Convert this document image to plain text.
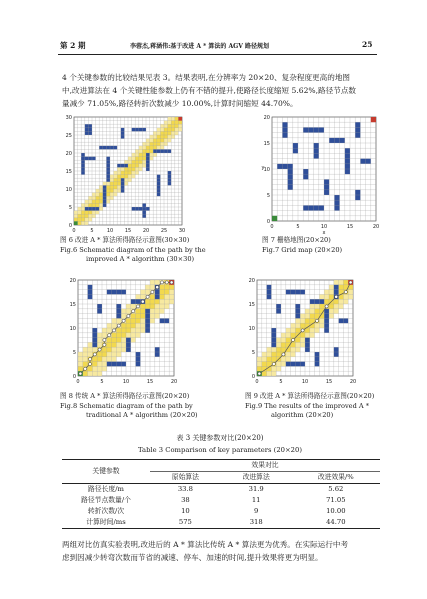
第 2 期	李蓉杰,蒋涵伟:基于改进 A * 算法的 AGV 路径规划	25
4 个关键参数的比较结果见表 3。结果表明,在分辨率为 20×20、复杂程度更高的地图
中,改进算法在 4 个关键性能参数上仍有不错的提升,使路径长度缩短 5.62%,路径节点数
量减少 71.05%,路径转折次数减少 10.00%,计算时间缩短 44.70%。
0	5	10 15 20 25 30
0
5
10
15
20
25
30
图 6 改进 A * 算法所得路径示意图(30×30)
Fig.6 Schematic diagram of the path by the
improved A * algorithm (30×30)
0	5	10	15	20
0
5
10
15
20
x
y
图 7 栅格地图(20×20)
Fig.7 Grid map (20×20)
0	5	10	15	20
0
5
10
15
20
图 8 传统 A * 算法所得路径示意图(20×20)
Fig.8 Schematic diagram of the path by
traditional A * algorithm (20×20)
0	5	10	15	20
0
5
10
15
20
图 9 改进 A * 算法所得路径示意图(20×20)
Fig.9 The results of the improved A *
algorithm (20×20)
表 3 关键参数对比(20×20)
Table 3 Comparison of key parameters (20×20)
关键参数	效果对比		
	原始算法	改进算法	改进效果/%
路径长度/m	33.8	31.9	5.62
路径节点数量/个	38	11	71.05
转折次数/次	10	9	10.00
计算时间/ms	575	318	44.70
两组对比仿真实验表明,改进后的 A * 算法比传统 A * 算法更为优秀。在实际运行中考
虑到因减少转弯次数而节省的减速、停车、加速的时间,提升效果将更为明显。
